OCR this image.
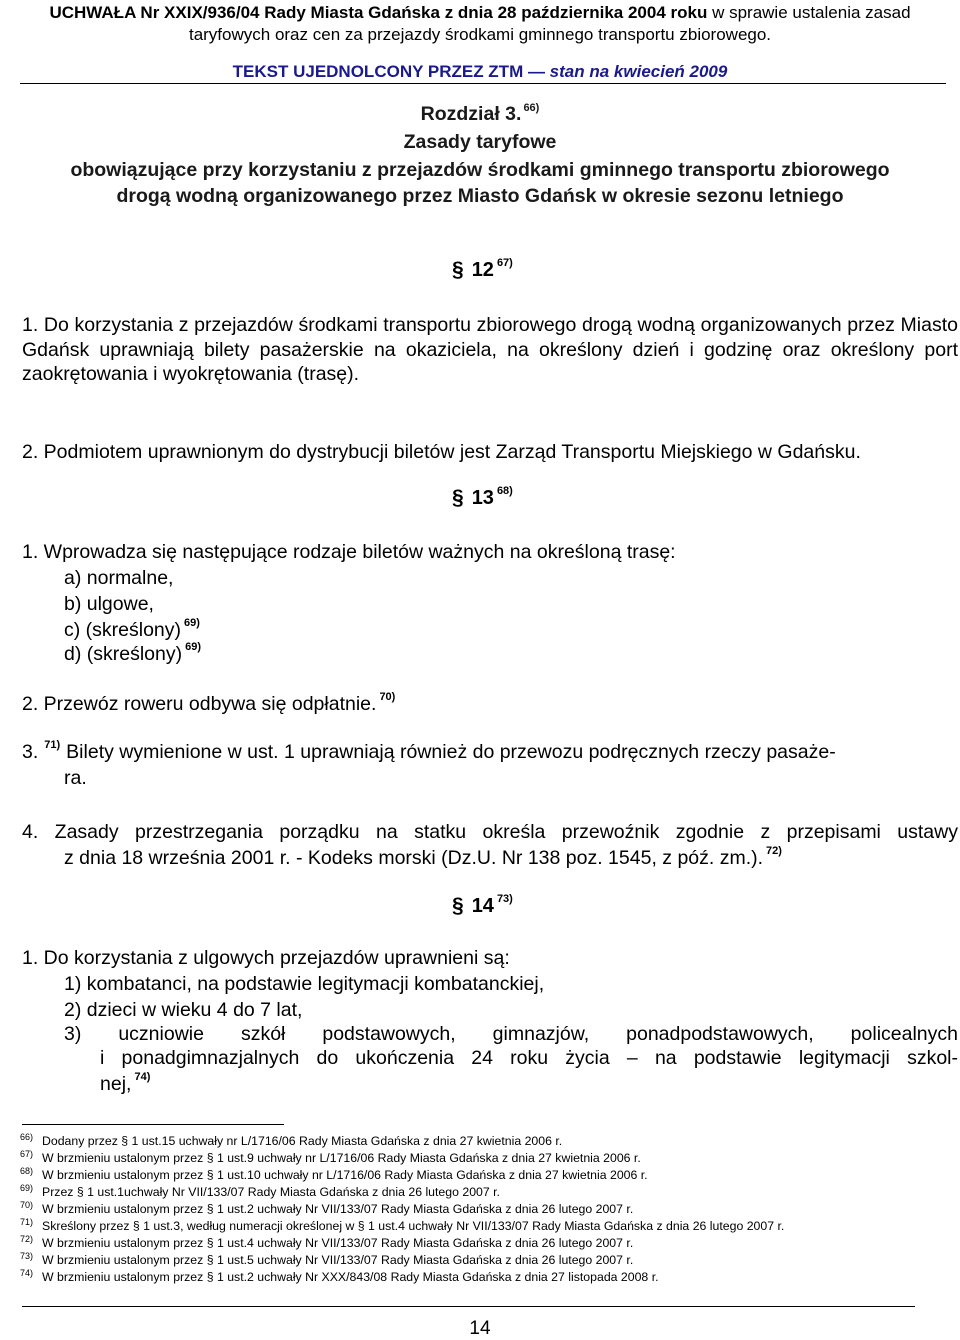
UCHWAŁA Nr XXIX/936/04 Rady Miasta Gdańska z dnia 28 października 2004 roku w sprawie ustalenia zasad
taryfowych oraz cen za przejazdy środkami gminnego transportu zbiorowego.
TEKST UJEDNOLCONY PRZEZ ZTM — stan na kwiecień 2009
Rozdział 3. $^{66)}$
Zasady taryfowe
obowiązujące przy korzystaniu z przejazdów środkami gminnego transportu zbiorowego
drogą wodną organizowanego przez Miasto Gdańsk w okresie sezonu letniego
§ 12 $^{67)}$
1. Do korzystania z przejazdów środkami transportu zbiorowego drogą wodną organizowanych przez Miasto Gdańsk uprawniają bilety pasażerskie na okaziciela, na określony dzień i godzinę oraz określony port zaokrętowania i wyokrętowania (trasę).
2. Podmiotem uprawnionym do dystrybucji biletów jest Zarząd Transportu Miejskiego w Gdańsku.
§ 13 $^{68)}$
1. Wprowadza się następujące rodzaje biletów ważnych na określoną trasę:
a) normalne,
b) ulgowe,
c) (skreślony) $^{69)}$
d) (skreślony) $^{69)}$
2. Przewóz roweru odbywa się odpłatnie. $^{70)}$
3. $^{71)}$ Bilety wymienione w ust. 1 uprawniają również do przewozu podręcznych rzeczy pasaże-
ra.
4. Zasady przestrzegania porządku na statku określa przewoźnik zgodnie z przepisami ustawy
z dnia 18 września 2001 r. - Kodeks morski (Dz.U. Nr 138 poz. 1545, z póź. zm.). $^{72)}$
§ 14 $^{73)}$
1. Do korzystania z ulgowych przejazdów uprawnieni są:
1) kombatanci, na podstawie legitymacji kombatanckiej,
2) dzieci w wieku 4 do 7 lat,
3) uczniowie szkół podstawowych, gimnazjów, ponadpodstawowych, policealnych
i ponadgimnazjalnych do ukończenia 24 roku życia – na podstawie legitymacji szkol-
nej, $^{74)}$
66) Dodany przez § 1 ust.15 uchwały nr L/1716/06 Rady Miasta Gdańska z dnia 27 kwietnia 2006 r.
67) W brzmieniu ustalonym przez § 1 ust.9 uchwały nr L/1716/06 Rady Miasta Gdańska z dnia 27 kwietnia 2006 r.
68) W brzmieniu ustalonym przez § 1 ust.10 uchwały nr L/1716/06 Rady Miasta Gdańska z dnia 27 kwietnia 2006 r.
69) Przez § 1 ust.1uchwały Nr VII/133/07 Rady Miasta Gdańska z dnia 26 lutego 2007 r.
70) W brzmieniu ustalonym przez § 1 ust.2 uchwały Nr VII/133/07 Rady Miasta Gdańska z dnia 26 lutego 2007 r.
71) Skreślony przez § 1 ust.3, według numeracji określonej w § 1 ust.4 uchwały Nr VII/133/07 Rady Miasta Gdańska z dnia 26 lutego 2007 r.
72) W brzmieniu ustalonym przez § 1 ust.4 uchwały Nr VII/133/07 Rady Miasta Gdańska z dnia 26 lutego 2007 r.
73) W brzmieniu ustalonym przez § 1 ust.5 uchwały Nr VII/133/07 Rady Miasta Gdańska z dnia 26 lutego 2007 r.
74) W brzmieniu ustalonym przez § 1 ust.2 uchwały Nr XXX/843/08 Rady Miasta Gdańska z dnia 27 listopada 2008 r.
14
